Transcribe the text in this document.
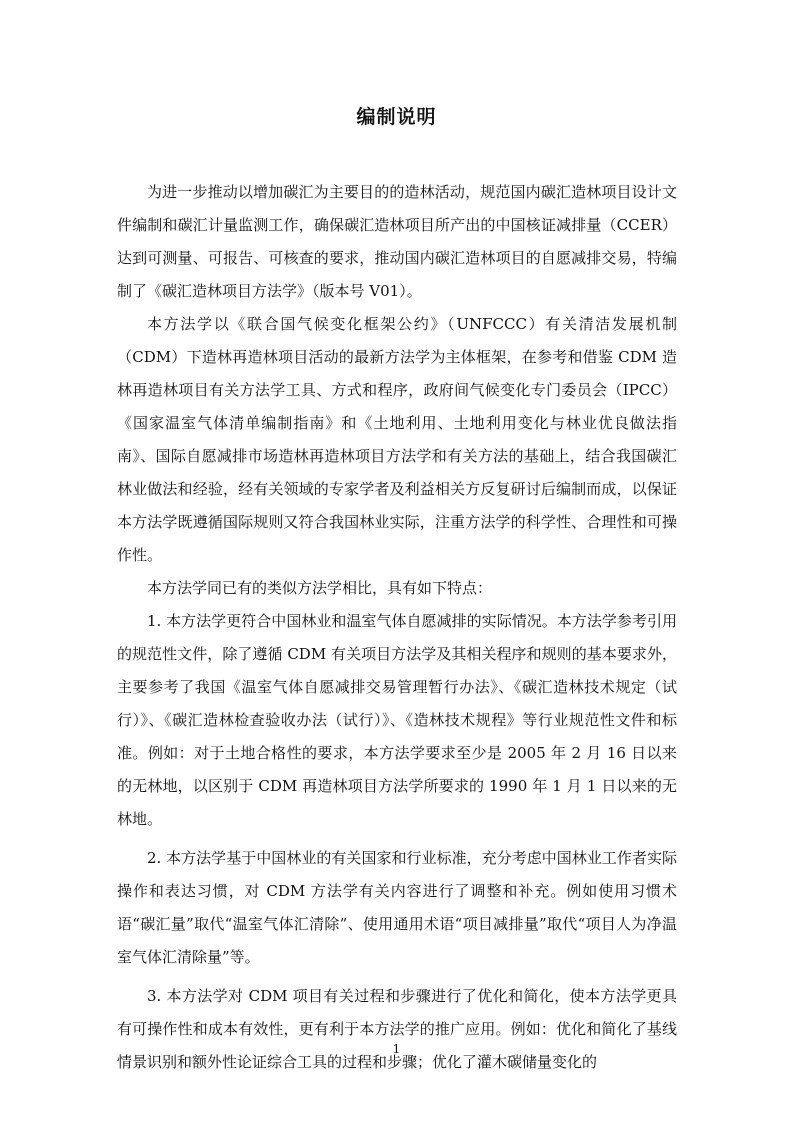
编制说明

为进一步推动以增加碳汇为主要目的的造林活动，规范国内碳汇造林项目设计文件编制和碳汇计量监测工作，确保碳汇造林项目所产出的中国核证减排量（CCER）达到可测量、可报告、可核查的要求，推动国内碳汇造林项目的自愿减排交易，特编制了《碳汇造林项目方法学》（版本号 V01）。

本方法学以《联合国气候变化框架公约》（UNFCCC）有关清洁发展机制（CDM）下造林再造林项目活动的最新方法学为主体框架，在参考和借鉴 CDM 造林再造林项目有关方法学工具、方式和程序，政府间气候变化专门委员会（IPCC）《国家温室气体清单编制指南》和《土地利用、土地利用变化与林业优良做法指南》、国际自愿减排市场造林再造林项目方法学和有关方法的基础上，结合我国碳汇林业做法和经验，经有关领域的专家学者及利益相关方反复研讨后编制而成，以保证本方法学既遵循国际规则又符合我国林业实际，注重方法学的科学性、合理性和可操作性。

本方法学同已有的类似方法学相比，具有如下特点：

1. 本方法学更符合中国林业和温室气体自愿减排的实际情况。本方法学参考引用的规范性文件，除了遵循 CDM 有关项目方法学及其相关程序和规则的基本要求外，主要参考了我国《温室气体自愿减排交易管理暂行办法》、《碳汇造林技术规定（试行）》、《碳汇造林检查验收办法（试行）》、《造林技术规程》等行业规范性文件和标准。例如：对于土地合格性的要求，本方法学要求至少是 2005 年 2 月 16 日以来的无林地，以区别于 CDM 再造林项目方法学所要求的 1990 年 1 月 1 日以来的无林地。

2. 本方法学基于中国林业的有关国家和行业标准，充分考虑中国林业工作者实际操作和表达习惯，对 CDM 方法学有关内容进行了调整和补充。例如使用习惯术语“碳汇量”取代“温室气体汇清除”、使用通用术语“项目减排量”取代“项目人为净温室气体汇清除量”等。

3. 本方法学对 CDM 项目有关过程和步骤进行了优化和简化，使本方法学更具有可操作性和成本有效性，更有利于本方法学的推广应用。例如：优化和简化了基线情景识别和额外性论证综合工具的过程和步骤；优化了灌木碳储量变化的

1
